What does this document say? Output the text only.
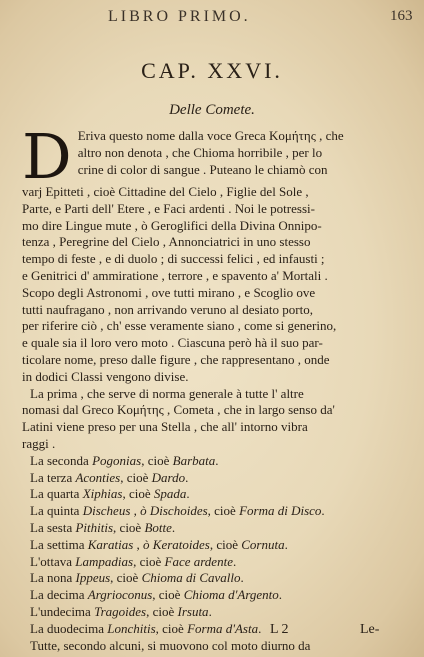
LIBRO PRIMO.	163
CAP. XXVI.
Delle Comete.
D Eriva questo nome dalla voce Greca Κομήτης , che
altro non denota , che Chioma horribile , per lo
crine di color di sangue . Puteano le chiamò con
varj Epitteti , cioè Cittadine del Cielo , Figlie del Sole ,
Parte, e Parti dell' Etere , e Faci ardenti . Noi le potressi-
mo dire Lingue mute , ò Geroglifici della Divina Onnipo-
tenza , Peregrine del Cielo , Annonciatrici in uno stesso
tempo di feste , e di duolo ; di successi felici , ed infausti ;
e Genitrici d' ammiratione , terrore , e spavento a' Mortali .
Scopo degli Astronomi , ove tutti mirano , e Scoglio ove
tutti naufragano , non arrivando veruno al desiato porto,
per riferire ciò , ch' esse veramente siano , come si generino,
e quale sia il loro vero moto . Ciascuna però hà il suo par-
ticolare nome, preso dalle figure , che rappresentano , onde
in dodici Classi vengono divise.
La prima , che serve di norma generale à tutte l' altre
nomasi dal Greco Κομήτης , Cometa , che in largo senso da'
Latini viene preso per una Stella , che all' intorno vibra
raggi .
La seconda Pogonias, cioè Barbata.
La terza Aconties, cioè Dardo.
La quarta Xiphias, cioè Spada.
La quinta Discheus , ò Dischoides, cioè Forma di Disco.
La sesta Pithitis, cioè Botte.
La settima Karatias , ò Keratoides, cioè Cornuta.
L'ottava Lampadias, cioè Face ardente.
La nona Ippeus, cioè Chioma di Cavallo.
La decima Argrioconus, cioè Chioma d'Argento.
L'undecima Tragoides, cioè Irsuta.
La duodecima Lonchitis, cioè Forma d'Asta.
Tutte, secondo alcuni, si muovono col moto diurno da
L 2	Le-
